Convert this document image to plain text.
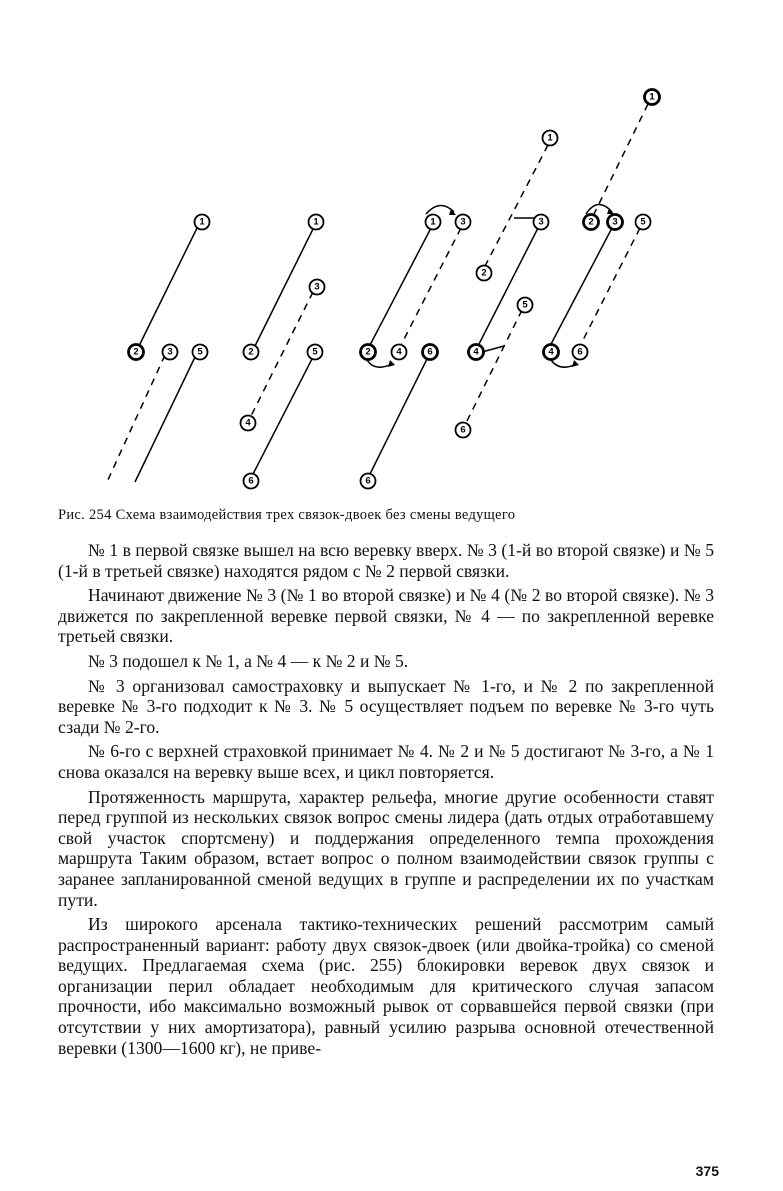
1
2	3	5
1
3
2	5
4
6
1	3
2	4	6
6
1
3
2
5
4
6
1
2 3 5
4 6
Рис. 254 Схема взаимодействия трех связок-двоек без смены ведущего

№ 1 в первой связке вышел на всю веревку вверх. № 3 (1-й во второй связке) и № 5 (1-й в третьей связке) находятся рядом с № 2 первой связки.

Начинают движение № 3 (№ 1 во второй связке) и № 4 (№ 2 во второй связке). № 3 движется по закрепленной веревке первой связки, № 4 — по закрепленной веревке третьей связки.

№ 3 подошел к № 1, а № 4 — к № 2 и № 5.

№ 3 организовал самостраховку и выпускает № 1-го, и № 2 по закрепленной веревке № 3-го подходит к № 3. № 5 осуществляет подъем по веревке № 3-го чуть сзади № 2-го.

№ 6-го с верхней страховкой принимает № 4. № 2 и № 5 достигают № 3-го, а № 1 снова оказался на веревку выше всех, и цикл повторяется.

Протяженность маршрута, характер рельефа, многие другие особенности ставят перед группой из нескольких связок вопрос смены лидера (дать отдых отработавшему свой участок спортсмену) и поддержания определенного темпа прохождения маршрута Таким образом, встает вопрос о полном взаимодействии связок группы с заранее запланированной сменой ведущих в группе и распределении их по участкам пути.

Из широкого арсенала тактико-технических решений рассмотрим самый распространенный вариант: работу двух связок-двоек (или двойка-тройка) со сменой ведущих. Предлагаемая схема (рис. 255) блокировки веревок двух связок и организации перил обладает необходимым для критического случая запасом прочности, ибо максимально возможный рывок от сорвавшейся первой связки (при отсутствии у них амортизатора), равный усилию разрыва основной отечественной веревки (1300—1600 кг), не приве-

375
